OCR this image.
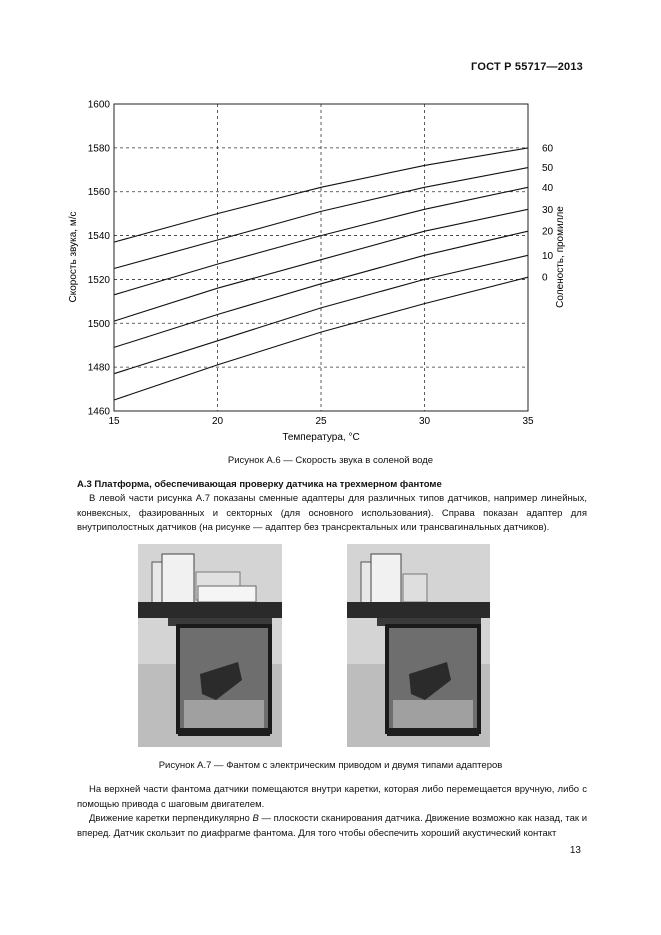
ГОСТ Р 55717—2013
15	20	25	30	35
1460
1480
1500
1520
1540
1560
1580
1600
0
10
20
30
40
50
60
Температура, °С
Скорость звука, м/с	Соленость, промилле
Рисунок А.6 — Скорость звука в соленой воде
А.3 Платформа, обеспечивающая проверку датчика на трехмерном фантоме
В левой части рисунка А.7 показаны сменные адаптеры для различных типов датчиков, например линейных, конвексных, фазированных и секторных (для основного использования). Справа показан адаптер для внутриполостных датчиков (на рисунке — адаптер без трансректальных или трансвагинальных датчиков).
Рисунок А.7 — Фантом с электрическим приводом и двумя типами адаптеров
На верхней части фантома датчики помещаются внутри каретки, которая либо перемещается вручную, либо с помощью привода с шаговым двигателем.
Движение каретки перпендикулярно В — плоскости сканирования датчика. Движение возможно как назад, так и вперед. Датчик скользит по диафрагме фантома. Для того чтобы обеспечить хороший акустический контакт
13
